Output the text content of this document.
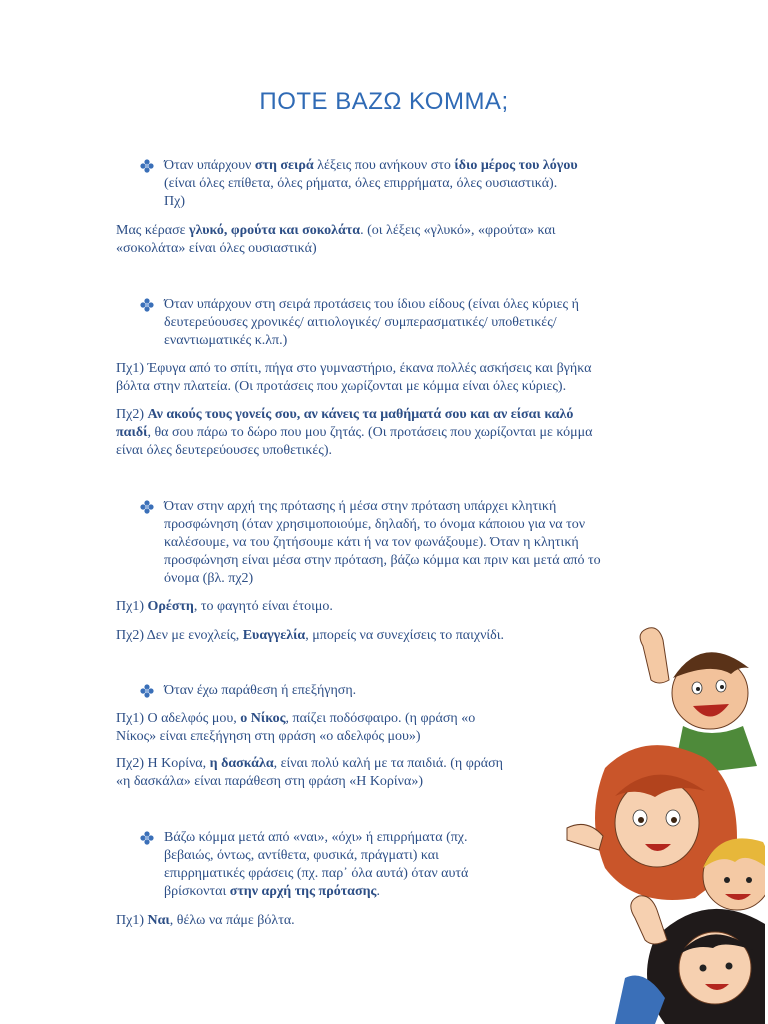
ΠΟΤΕ ΒΑΖΩ ΚΟΜΜΑ;
Όταν υπάρχουν στη σειρά λέξεις που ανήκουν στο ίδιο μέρος του λόγου
(είναι όλες επίθετα, όλες ρήματα, όλες επιρρήματα, όλες ουσιαστικά).
Πχ)
Μας κέρασε γλυκό, φρούτα και σοκολάτα. (οι λέξεις «γλυκό», «φρούτα» και
«σοκολάτα» είναι όλες ουσιαστικά)
Όταν υπάρχουν στη σειρά προτάσεις του ίδιου είδους (είναι όλες κύριες ή
δευτερεύουσες χρονικές/ αιτιολογικές/ συμπερασματικές/ υποθετικές/
εναντιωματικές κ.λπ.)
Πχ1) Έφυγα από το σπίτι, πήγα στο γυμναστήριο, έκανα πολλές ασκήσεις και βγήκα
βόλτα στην πλατεία. (Οι προτάσεις που χωρίζονται με κόμμα είναι όλες κύριες).
Πχ2) Αν ακούς τους γονείς σου, αν κάνεις τα μαθήματά σου και αν είσαι καλό
παιδί, θα σου πάρω το δώρο που μου ζητάς. (Οι προτάσεις που χωρίζονται με κόμμα
είναι όλες δευτερεύουσες υποθετικές).
Όταν στην αρχή της πρότασης ή μέσα στην πρόταση υπάρχει κλητική
προσφώνηση (όταν χρησιμοποιούμε, δηλαδή, το όνομα κάποιου για να τον
καλέσουμε, να του ζητήσουμε κάτι ή να τον φωνάξουμε). Όταν η κλητική
προσφώνηση είναι μέσα στην πρόταση, βάζω κόμμα και πριν και μετά από το
όνομα (βλ. πχ2)
Πχ1) Ορέστη, το φαγητό είναι έτοιμο.
Πχ2) Δεν με ενοχλείς, Ευαγγελία, μπορείς να συνεχίσεις το παιχνίδι.
Όταν έχω παράθεση ή επεξήγηση.
Πχ1) Ο αδελφός μου, ο Νίκος, παίζει ποδόσφαιρο. (η φράση «ο
Νίκος» είναι επεξήγηση στη φράση «ο αδελφός μου»)
Πχ2) Η Κορίνα, η δασκάλα, είναι πολύ καλή με τα παιδιά. (η φράση
«η δασκάλα» είναι παράθεση στη φράση «Η Κορίνα»)
Βάζω κόμμα μετά από «ναι», «όχι» ή επιρρήματα (πχ.
βεβαιώς, όντως, αντίθετα, φυσικά, πράγματι) και
επιρρηματικές φράσεις (πχ. παρ᾽ όλα αυτά) όταν αυτά
βρίσκονται στην αρχή της πρότασης.
Πχ1) Ναι, θέλω να πάμε βόλτα.
